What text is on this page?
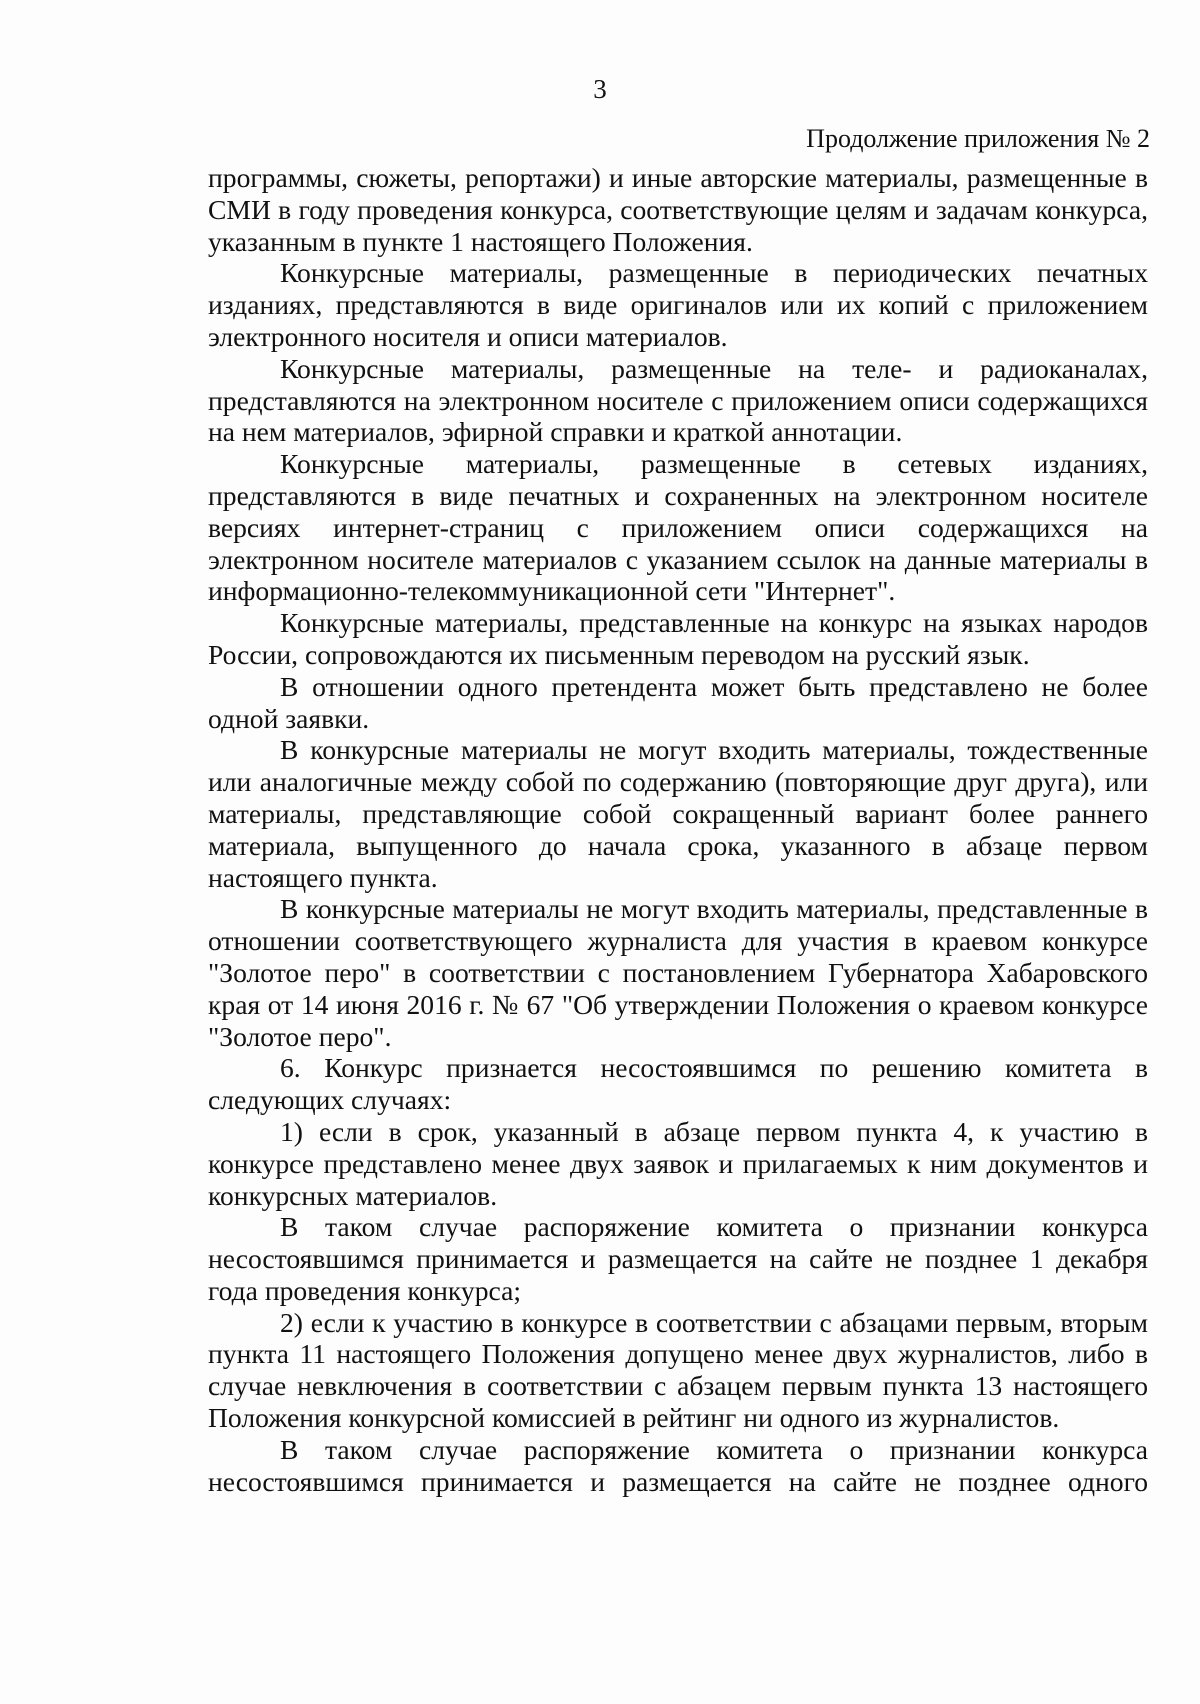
3
Продолжение приложения № 2

программы, сюжеты, репортажи) и иные авторские материалы, размещенные в СМИ в году проведения конкурса, соответствующие целям и задачам конкурса, указанным в пункте 1 настоящего Положения.

Конкурсные материалы, размещенные в периодических печатных изданиях, представляются в виде оригиналов или их копий с приложением электронного носителя и описи материалов.

Конкурсные материалы, размещенные на теле- и радиоканалах, представляются на электронном носителе с приложением описи содержащихся на нем материалов, эфирной справки и краткой аннотации.

Конкурсные материалы, размещенные в сетевых изданиях, представляются в виде печатных и сохраненных на электронном носителе версиях интернет-страниц с приложением описи содержащихся на электронном носителе материалов с указанием ссылок на данные материалы в информационно-телекоммуникационной сети "Интернет".

Конкурсные материалы, представленные на конкурс на языках народов России, сопровождаются их письменным переводом на русский язык.

В отношении одного претендента может быть представлено не более одной заявки.

В конкурсные материалы не могут входить материалы, тождественные или аналогичные между собой по содержанию (повторяющие друг друга), или материалы, представляющие собой сокращенный вариант более раннего материала, выпущенного до начала срока, указанного в абзаце первом настоящего пункта.

В конкурсные материалы не могут входить материалы, представленные в отношении соответствующего журналиста для участия в краевом конкурсе "Золотое перо" в соответствии с постановлением Губернатора Хабаровского края от 14 июня 2016 г. № 67 "Об утверждении Положения о краевом конкурсе "Золотое перо".

6. Конкурс признается несостоявшимся по решению комитета в следующих случаях:

1) если в срок, указанный в абзаце первом пункта 4, к участию в конкурсе представлено менее двух заявок и прилагаемых к ним документов и конкурсных материалов.

В таком случае распоряжение комитета о признании конкурса несостоявшимся принимается и размещается на сайте не позднее 1 декабря года проведения конкурса;

2) если к участию в конкурсе в соответствии с абзацами первым, вторым пункта 11 настоящего Положения допущено менее двух журналистов, либо в случае невключения в соответствии с абзацем первым пункта 13 настоящего Положения конкурсной комиссией в рейтинг ни одного из журналистов.

В таком случае распоряжение комитета о признании конкурса несостоявшимся принимается и размещается на сайте не позднее одного
